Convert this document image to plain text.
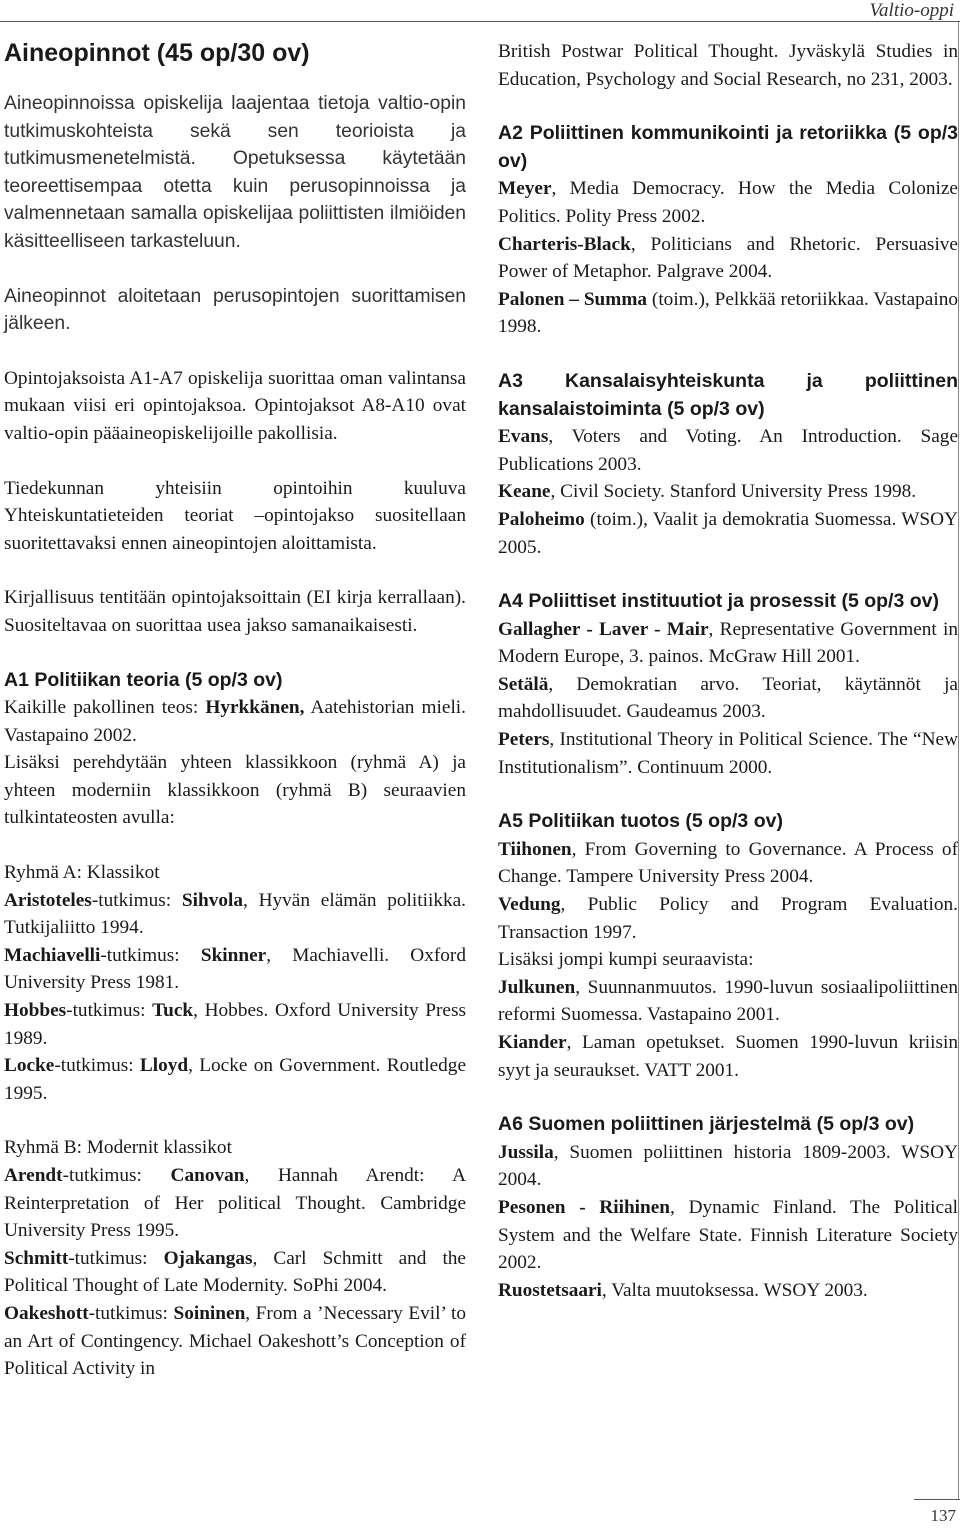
Valtio-oppi
Aineopinnot (45 op/30 ov)

Aineopinnoissa opiskelija laajentaa tietoja valtio-opin tutkimuskohteista sekä sen teorioista ja tutkimusmenetelmistä. Opetuksessa käytetään teoreettisempaa otetta kuin perusopinnoissa ja valmennetaan samalla opiskelijaa poliittisten ilmiöiden käsitteelliseen tarkasteluun.

Aineopinnot aloitetaan perusopintojen suorittamisen jälkeen.

Opintojaksoista A1-A7 opiskelija suorittaa oman valintansa mukaan viisi eri opintojaksoa. Opintojaksot A8-A10 ovat valtio-opin pääaineopiskelijoille pakollisia.

Tiedekunnan yhteisiin opintoihin kuuluva Yhteiskuntatieteiden teoriat –opintojakso suositellaan suoritettavaksi ennen aineopintojen aloittamista.

Kirjallisuus tentitään opintojaksoittain (EI kirja kerrallaan). Suositeltavaa on suorittaa usea jakso samanaikaisesti.

A1 Politiikan teoria (5 op/3 ov)

Kaikille pakollinen teos: Hyrkkänen, Aatehistorian mieli. Vastapaino 2002.

Lisäksi perehdytään yhteen klassikkoon (ryhmä A) ja yhteen moderniin klassikkoon (ryhmä B) seuraavien tulkintateosten avulla:

Ryhmä A: Klassikot

Aristoteles-tutkimus: Sihvola, Hyvän elämän politiikka. Tutkijaliitto 1994.

Machiavelli-tutkimus: Skinner, Machiavelli. Oxford University Press 1981.

Hobbes-tutkimus: Tuck, Hobbes. Oxford University Press 1989.

Locke-tutkimus: Lloyd, Locke on Government. Routledge 1995.

Ryhmä B: Modernit klassikot

Arendt-tutkimus: Canovan, Hannah Arendt: A Reinterpretation of Her political Thought. Cambridge University Press 1995.

Schmitt-tutkimus: Ojakangas, Carl Schmitt and the Political Thought of Late Modernity. SoPhi 2004.

Oakeshott-tutkimus: Soininen, From a ’Necessary Evil’ to an Art of Contingency. Michael Oakeshott’s Conception of Political Activity in

British Postwar Political Thought. Jyväskylä Studies in Education, Psychology and Social Research, no 231, 2003.

A2 Poliittinen kommunikointi ja retoriikka (5 op/3 ov)

Meyer, Media Democracy. How the Media Colonize Politics. Polity Press 2002.

Charteris-Black, Politicians and Rhetoric. Persuasive Power of Metaphor. Palgrave 2004.

Palonen – Summa (toim.), Pelkkää retoriikkaa. Vastapaino 1998.

A3 Kansalaisyhteiskunta ja poliittinen kansalaistoiminta (5 op/3 ov)

Evans, Voters and Voting. An Introduction. Sage Publications 2003.

Keane, Civil Society. Stanford University Press 1998.

Paloheimo (toim.), Vaalit ja demokratia Suomessa. WSOY 2005.

A4 Poliittiset instituutiot ja prosessit (5 op/3 ov)

Gallagher - Laver - Mair, Representative Government in Modern Europe, 3. painos. McGraw Hill 2001.

Setälä, Demokratian arvo. Teoriat, käytännöt ja mahdollisuudet. Gaudeamus 2003.

Peters, Institutional Theory in Political Science. The “New Institutionalism”. Continuum 2000.

A5 Politiikan tuotos (5 op/3 ov)

Tiihonen, From Governing to Governance. A Process of Change. Tampere University Press 2004.

Vedung, Public Policy and Program Evaluation. Transaction 1997.

Lisäksi jompi kumpi seuraavista:

Julkunen, Suunnanmuutos. 1990-luvun sosiaalipoliittinen reformi Suomessa. Vastapaino 2001.

Kiander, Laman opetukset. Suomen 1990-luvun kriisin syyt ja seuraukset. VATT 2001.

A6 Suomen poliittinen järjestelmä (5 op/3 ov)

Jussila, Suomen poliittinen historia 1809-2003. WSOY 2004.

Pesonen - Riihinen, Dynamic Finland. The Political System and the Welfare State. Finnish Literature Society 2002.

Ruostetsaari, Valta muutoksessa. WSOY 2003.

137
